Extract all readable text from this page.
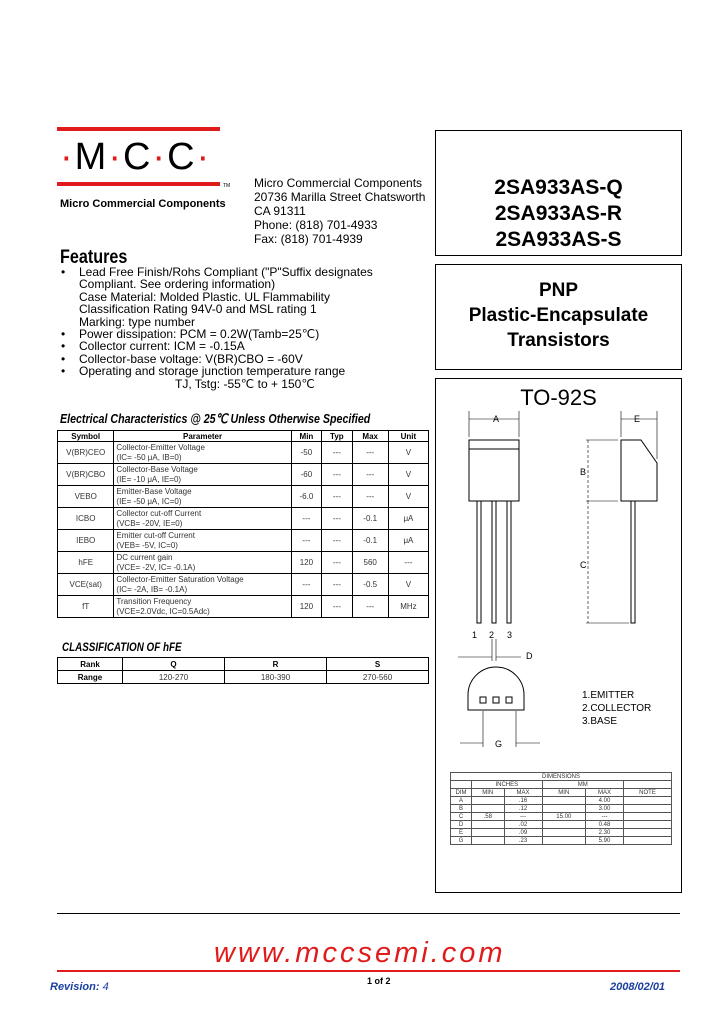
·M·C·C·
TM
Micro Commercial Components
Micro Commercial Components
20736 Marilla Street Chatsworth
CA 91311
Phone: (818) 701-4933
Fax: (818) 701-4939
2SA933AS-Q
2SA933AS-R
2SA933AS-S
PNP
Plastic-Encapsulate
Transistors
Features
• Lead Free Finish/Rohs Compliant ("P"Suffix designates
Compliant. See ordering information)
Case Material: Molded Plastic. UL Flammability
Classification Rating 94V-0 and MSL rating 1
Marking: type number
• Power dissipation: PCM = 0.2W(Tamb=25℃)
• Collector current: ICM = -0.15A
• Collector-base voltage: V(BR)CBO = -60V
• Operating and storage junction temperature range
TJ, Tstg: -55℃ to + 150℃
Electrical Characteristics @ 25℃ Unless Otherwise Specified
Symbol	Parameter	Min	Typ	Max	Unit
V(BR)CEO	Collector-Emitter Voltage
(IC= -50 μA, IB=0)	-50	---	---	V
V(BR)CBO	Collector-Base Voltage
(IE= -10 μA, IE=0)	-60	---	---	V
VEBO	Emitter-Base Voltage
(IE= -50 μA, IC=0)	-6.0	---	---	V
ICBO	Collector cut-off Current
(VCB= -20V, IE=0)	---	---	-0.1	μA
IEBO	Emitter cut-off Current
(VEB= -5V, IC=0)	---	---	-0.1	μA
hFE	DC current gain
(VCE= -2V, IC= -0.1A)	120	---	560	---
VCE(sat)	Collector-Emitter Saturation Voltage
(IC= -2A, IB= -0.1A)	---	---	-0.5	V
fT	Transition Frequency
(VCE=2.0Vdc, IC=0.5Adc)	120	---	---	MHz
CLASSIFICATION OF hFE
Rank	Q	R	S
Range	120-270	180-390	270-560
TO-92S
A	E
B
C
1 2 3
D
G
1.EMITTER
2.COLLECTOR
3.BASE
DIMENSIONS					
	INCHES		MM		
DIM	MIN	MAX	MIN	MAX	NOTE
A		.16		4.00	
B		.12		3.00	
C	.58	---	15.00	---	
D		.02		0.48	
E		.09		2.30	
G		.23		5.90	
www.mccsemi.com
Revision: 4	1 of 2	2008/02/01
